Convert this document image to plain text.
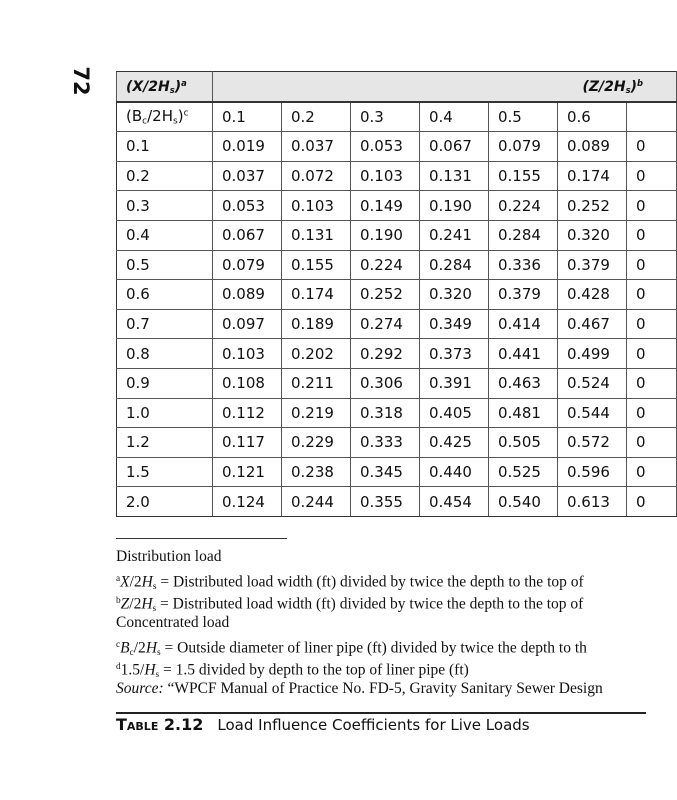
72 $(X/2H_s)^a$	$(Z/2H_s)^b$

$(B_c/2H_s)^c$	0.1	0.2	0.3	0.4	0.5	0.6	
0.1	0.019	0.037	0.053	0.067	0.079	0.089	0
0.2	0.037	0.072	0.103	0.131	0.155	0.174	0
0.3	0.053	0.103	0.149	0.190	0.224	0.252	0
0.4	0.067	0.131	0.190	0.241	0.284	0.320	0
0.5	0.079	0.155	0.224	0.284	0.336	0.379	0
0.6	0.089	0.174	0.252	0.320	0.379	0.428	0
0.7	0.097	0.189	0.274	0.349	0.414	0.467	0
0.8	0.103	0.202	0.292	0.373	0.441	0.499	0
0.9	0.108	0.211	0.306	0.391	0.463	0.524	0
1.0	0.112	0.219	0.318	0.405	0.481	0.544	0
1.2	0.117	0.229	0.333	0.425	0.505	0.572	0
1.5	0.121	0.238	0.345	0.440	0.525	0.596	0
2.0	0.124	0.244	0.355	0.454	0.540	0.613	0
Distribution load
$^aX/2H_s$ = Distributed load width (ft) divided by twice the depth to the top of
$^bZ/2H_s$ = Distributed load width (ft) divided by twice the depth to the top of
Concentrated load
$^cB_c/2H_s$ = Outside diameter of liner pipe (ft) divided by twice the depth to th
$^d1.5/H_s = 1.5$ divided by depth to the top of liner pipe (ft)
Source: “WPCF Manual of Practice No. FD-5, Gravity Sanitary Sewer Design
Table 2.12 Load Influence Coefficients for Live Loads
